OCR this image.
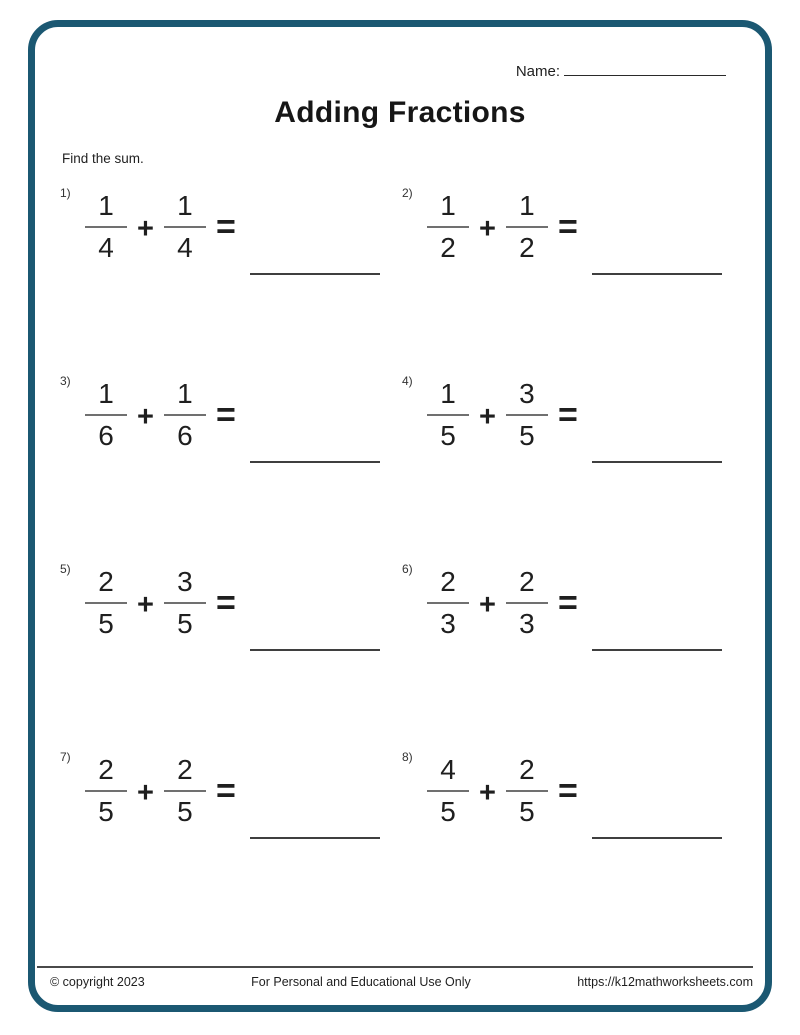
Name:
Adding Fractions
Find the sum.
$1) \frac{1}{4} + \frac{1}{4}$ =
$2) \frac{1}{2} + \frac{1}{2}$ =
$3) \frac{1}{6} + \frac{1}{6}$ =
$4) \frac{1}{5} + \frac{3}{5}$ =
$5) \frac{2}{5} + \frac{3}{5}$ =
$6) \frac{2}{3} + \frac{2}{3}$ =
$7) \frac{2}{5} + \frac{2}{5}$ =
$8) \frac{4}{5} + \frac{2}{5}$ =
© copyright 2023	For Personal and Educational Use Only	https://k12mathworksheets.com
